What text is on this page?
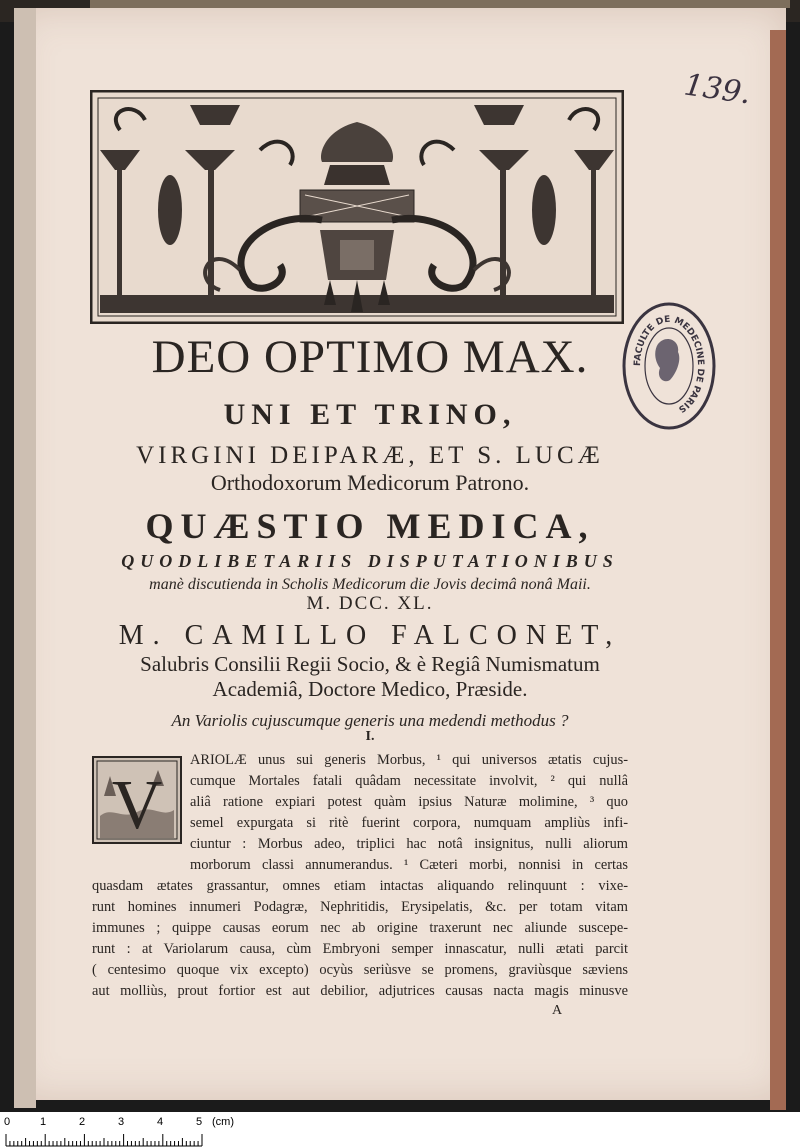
139.
FACULTE DE MEDECINE DE PARIS
DEO OPTIMO MAX.
UNI ET TRINO,
VIRGINI DEIPARÆ, ET S. LUCÆ
Orthodoxorum Medicorum Patrono.
QUÆSTIO MEDICA,
QUODLIBETARIIS DISPUTATIONIBUS
manè discutienda in Scholis Medicorum die Jovis decimâ nonâ Maii.
M. DCC. XL.
M. CAMILLO FALCONET,
Salubris Consilii Regii Socio, & è Regiâ Numismatum
Academiâ, Doctore Medico, Præside.
An Variolis cujuscumque generis una medendi methodus ?
I.
V
ARIOLÆ unus sui generis Morbus, ¹ qui universos ætatis cujus-
cumque Mortales fatali quâdam necessitate involvit, ² qui nullâ
aliâ ratione expiari potest quàm ipsius Naturæ molimine, ³ quo
semel expurgata si ritè fuerint corpora, numquam ampliùs infi-
ciuntur : Morbus adeo, triplici hac notâ insignitus, nulli aliorum
morborum classi annumerandus. ¹ Cæteri morbi, nonnisi in certas
quasdam ætates grassantur, omnes etiam intactas aliquando relinquunt : vixe-
runt homines innumeri Podagræ, Nephritidis, Erysipelatis, &c. per totam vitam
immunes ; quippe causas eorum nec ab origine traxerunt nec aliunde suscepe-
runt : at Variolarum causa, cùm Embryoni semper innascatur, nulli ætati parcit
( centesimo quoque vix excepto) ocyùs seriùsve se promens, graviùsque sæviens
aut molliùs, prout fortior est aut debilior, adjutrices causas nacta magis minusve
A
0	1	2	3	4	5 (cm)
